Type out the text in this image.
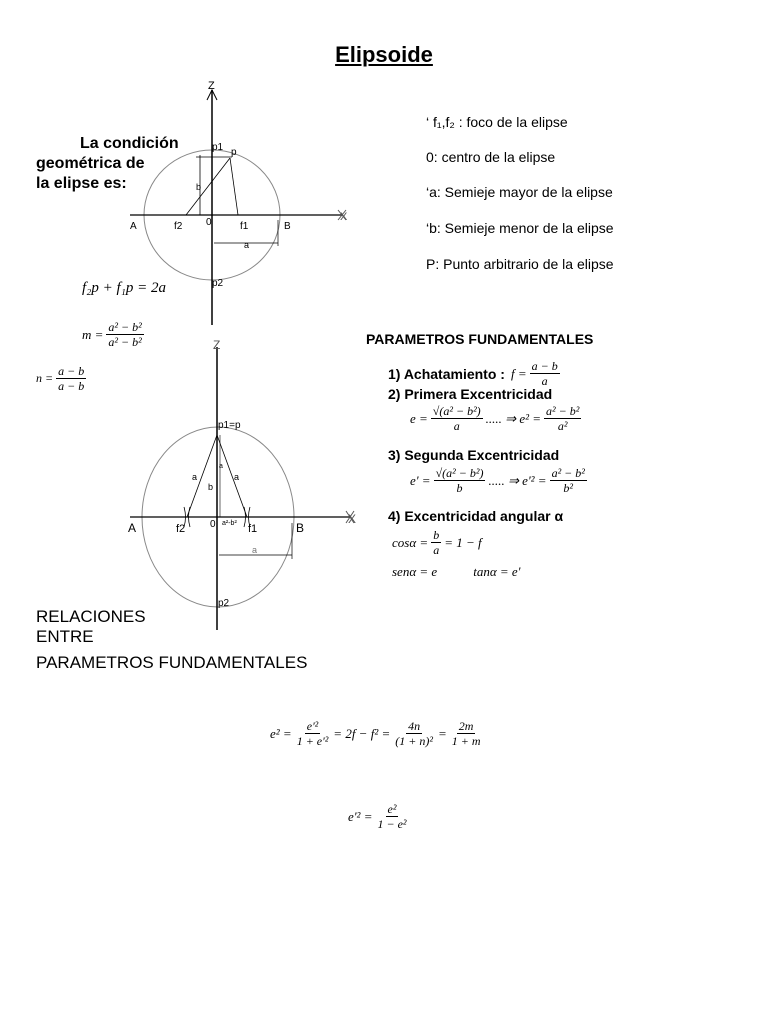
Elipsoide
La condición
geométrica de
la elipse es:
f₂p + f₁p = 2a
Z
X
A	B
f1
f2 0
p1
p2
p
b
a
‘ f₁,f₂ : foco de la elipse
0: centro de la elipse
‘a: Semieje mayor de la elipse
‘b: Semieje menor de la elipse
P: Punto arbitrario de la elipse
$m = \frac{\text{a² − b²}}{\text{a² − b²}}$
$n = \frac{a - b}{a - b}$
Z
X
A	B
f1
f2 0
p1=p
p2
a	a
b
a
a²-b²
a
PARAMETROS FUNDAMENTALES
1) Achatamiento : $f = \frac{a - b}{a}$
2) Primera Excentricidad
$e = \frac{\text{√(a² − b²)}}{a}$ ..... ⇒ $e^2 = \frac{\text{a² − b²}}{\text{a²}}$
3) Segunda Excentricidad
$e' = \frac{\text{√(a² − b²)}}{b}$ ..... ⇒ $e'^2 = \frac{\text{a² − b²}}{\text{b²}}$
4) Excentricidad angular α
$\cos\alpha = \frac{b}{a} = 1 - f$
senα = e	tanα = e'
RELACIONES
ENTRE
PARAMETROS FUNDAMENTALES
$e^2 = \frac{\text{e'²}}{\text{1 + e'²}} = 2f - f^2 = \frac{4n}{\text{(1 + n)²}} = \frac{2m}{1 + m}$
$e'^2 = \frac{\text{e²}}{\text{1 − e²}}$
